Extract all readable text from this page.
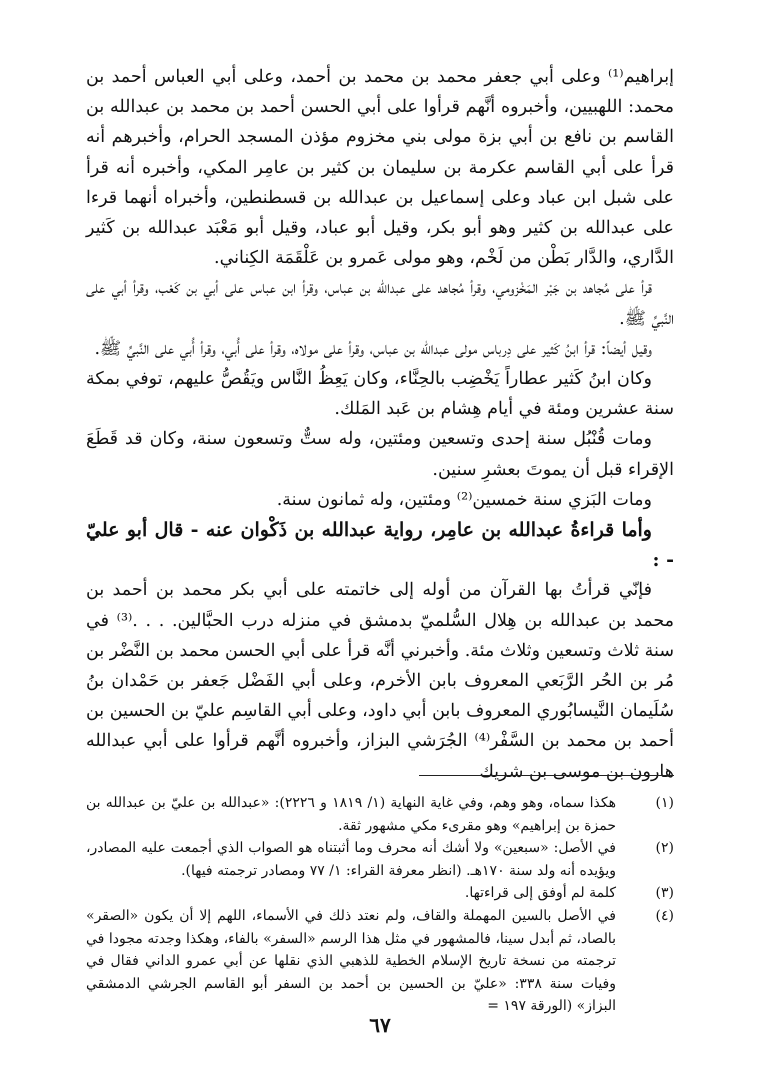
إبراهيم⁽¹⁾ وعلى أبي جعفر محمد بن محمد بن أحمد، وعلى أبي العباس أحمد بن محمد: اللهبيين، وأخبروه أنَّهم قرأوا على أبي الحسن أحمد بن محمد بن عبدالله بن القاسم بن نافع بن أبي بزة مولى بني مخزوم مؤذن المسجد الحرام، وأخبرهم أنه قرأ على أبي القاسم عكرمة بن سليمان بن كثير بن عامِر المكي، وأخبره أنه قرأ على شبل ابن عباد وعلى إسماعيل بن عبدالله بن قسطنطين، وأخبراه أنهما قرءا على عبدالله بن كثير وهو أبو بكر، وقيل أبو عباد، وقيل أبو مَعْبَد عبدالله بن كَثير الدَّاري، والدَّار بَطْن من لَخْم، وهو مولى عَمرو بن عَلْقَمَة الكِناني.

قرأ على مُجاهد بن جَبْر المَخْزومي، وقرأ مُجاهد على عبدالله بن عباس، وقرأ ابن عباس على أبي بن كَعْب، وقرأ أبي على النَّبيِّ ﷺ.

وقيل أيضاً: قرأ ابنُ كَثير على دِرباس مولى عبدالله بن عباس، وقرأ على مولاه، وقرأ على أُبي، وقرأ أُبي على النَّبيِّ ﷺ.

وكان ابنُ كَثير عطاراً يَخْضِب بالحِنَّاء، وكان يَعِظُ النَّاس ويَقُصُّ عليهم، توفي بمكة سنة عشرين ومئة في أيام هِشام بن عَبد المَلك.

ومات قُنْبُل سنة إحدى وتسعين ومئتين، وله ستٌّ وتسعون سنة، وكان قد قَطَعَ الإقراء قبل أن يموتَ بعشرِ سنين.

ومات البَزي سنة خمسين⁽²⁾ ومئتين، وله ثمانون سنة.

وأما قراءةُ عبدالله بن عامِر، رواية عبدالله بن ذَكْوان عنه - قال أبو عليّ - :

فإنّي قرأتُ بها القرآن من أوله إلى خاتمته على أبي بكر محمد بن أحمد بن محمد بن عبدالله بن هِلال السُّلميّ بدمشق في منزله درب الحبَّالين. . . .⁽³⁾ في سنة ثلاث وتسعين وثلاث مئة. وأخبرني أنَّه قرأ على أبي الحسن محمد بن النَّضْر بن مُر بن الحُر الرَّبَعي المعروف بابن الأخرم، وعلى أبي الفَضْل جَعفر بن حَمْدان بنُ سُلَيمان النَّيسابُوري المعروف بابن أبي داود، وعلى أبي القاسِم عليّ بن الحسين بن أحمد بن محمد بن السَّفْر⁽⁴⁾ الجُرَشي البزاز، وأخبروه أنَّهم قرأوا على أبي عبدالله هارون بن موسى بن شريك

(١)
هكذا سماه، وهو وهم، وفي غاية النهاية (١/ ١٨١٩ و ٢٢٢٦): «عبدالله بن عليّ بن عبدالله بن حمزة بن إبراهيم» وهو مقرىء مكي مشهور ثقة.
(٢)
في الأصل: «سبعين» ولا أشك أنه محرف وما أثبتناه هو الصواب الذي أجمعت عليه المصادر، ويؤيده أنه ولد سنة ١٧٠هـ. (انظر معرفة القراء: ١/ ٧٧ ومصادر ترجمته فيها).
(٣)
كلمة لم أوفق إلى قراءتها.
(٤)
في الأصل بالسين المهملة والقاف، ولم نعتد ذلك في الأسماء، اللهم إلا أن يكون «الصقر» بالصاد، ثم أبدل سينا، فالمشهور في مثل هذا الرسم «السفر» بالفاء، وهكذا وجدته مجودا في ترجمته من نسخة تاريخ الإسلام الخطية للذهبي الذي نقلها عن أبي عمرو الداني فقال في وفيات سنة ٣٣٨: «عليّ بن الحسين بن أحمد بن السفر أبو القاسم الجرشي الدمشقي البزاز» (الورقة ١٩٧ =
٦٧
